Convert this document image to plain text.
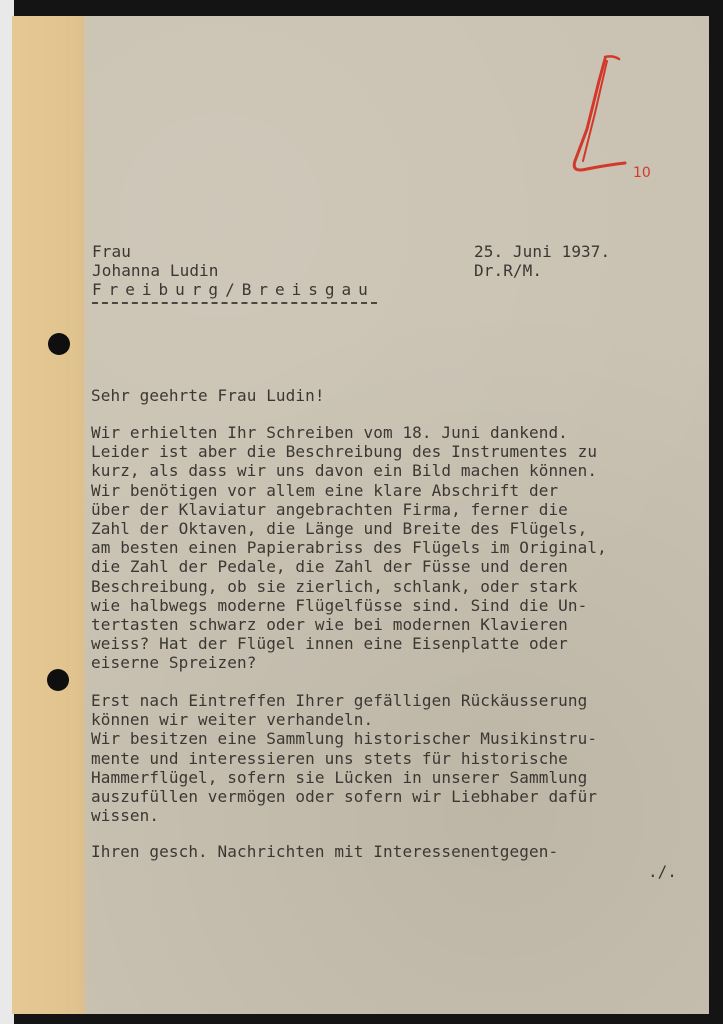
10
Frau
Johanna Ludin
Freiburg/Breisgau
25. Juni 1937.
Dr.R/M.
Sehr geehrte Frau Ludin!
Wir erhielten Ihr Schreiben vom 18. Juni dankend.
Leider ist aber die Beschreibung des Instrumentes zu
kurz, als dass wir uns davon ein Bild machen können.
Wir benötigen vor allem eine klare Abschrift der
über der Klaviatur angebrachten Firma, ferner die
Zahl der Oktaven, die Länge und Breite des Flügels,
am besten einen Papierabriss des Flügels im Original,
die Zahl der Pedale, die Zahl der Füsse und deren
Beschreibung, ob sie zierlich, schlank, oder stark
wie halbwegs moderne Flügelfüsse sind. Sind die Un-
tertasten schwarz oder wie bei modernen Klavieren
weiss? Hat der Flügel innen eine Eisenplatte oder
eiserne Spreizen?
Erst nach Eintreffen Ihrer gefälligen Rückäusserung
können wir weiter verhandeln.
Wir besitzen eine Sammlung historischer Musikinstru-
mente und interessieren uns stets für historische
Hammerflügel, sofern sie Lücken in unserer Sammlung
auszufüllen vermögen oder sofern wir Liebhaber dafür
wissen.
Ihren gesch. Nachrichten mit Interessenentgegen-
./.
